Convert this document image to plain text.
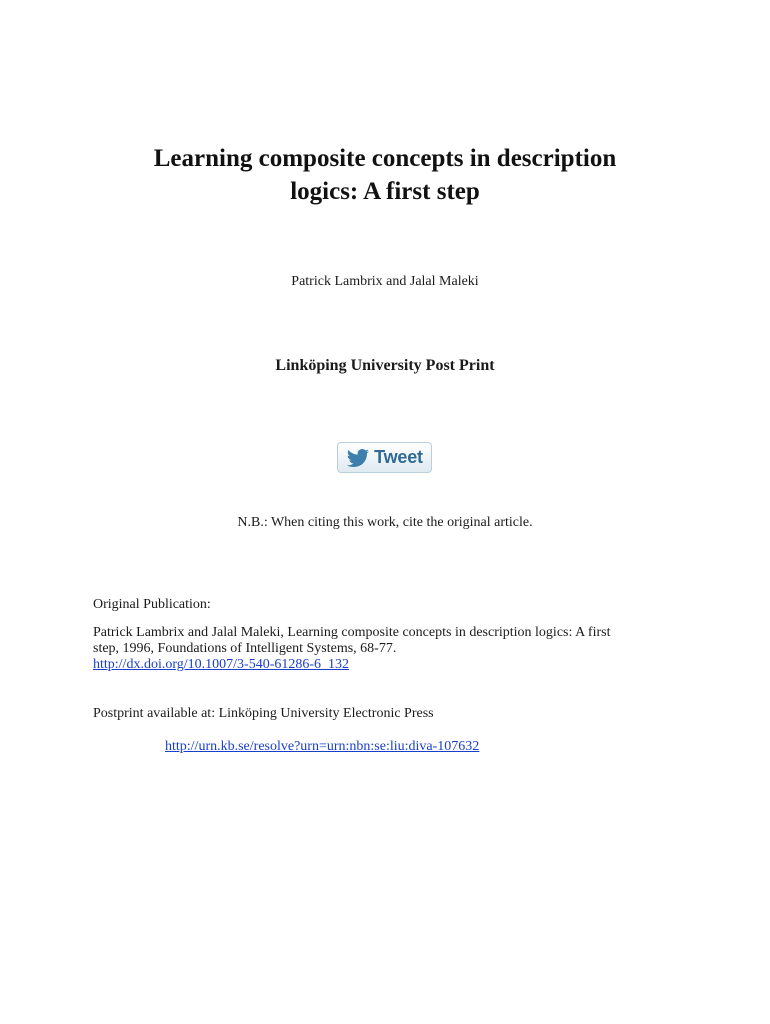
Learning composite concepts in description
logics: A first step
Patrick Lambrix and Jalal Maleki
Linköping University Post Print
Tweet
N.B.: When citing this work, cite the original article.
Original Publication:
Patrick Lambrix and Jalal Maleki, Learning composite concepts in description logics: A first
step, 1996, Foundations of Intelligent Systems, 68-77.
http://dx.doi.org/10.1007/3-540-61286-6_132
Postprint available at: Linköping University Electronic Press
http://urn.kb.se/resolve?urn=urn:nbn:se:liu:diva-107632
